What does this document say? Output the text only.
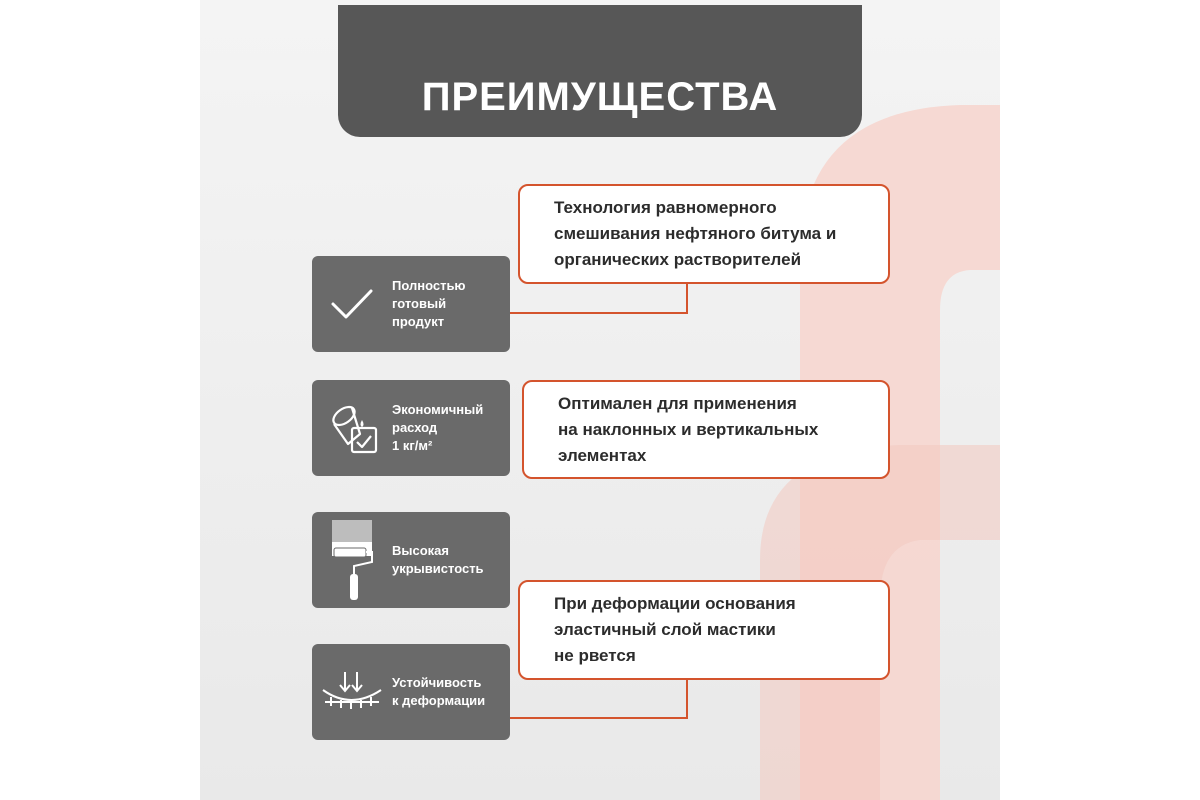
ПРЕИМУЩЕСТВА
Полностью
готовый
продукт
Экономичный
расход
1 кг/м²
Высокая
укрывистость
Устойчивость
к деформации
Технология равномерного
смешивания нефтяного битума и
органических растворителей
Оптимален для применения
на наклонных и вертикальных
элементах
При деформации основания
эластичный слой мастики
не рвется
